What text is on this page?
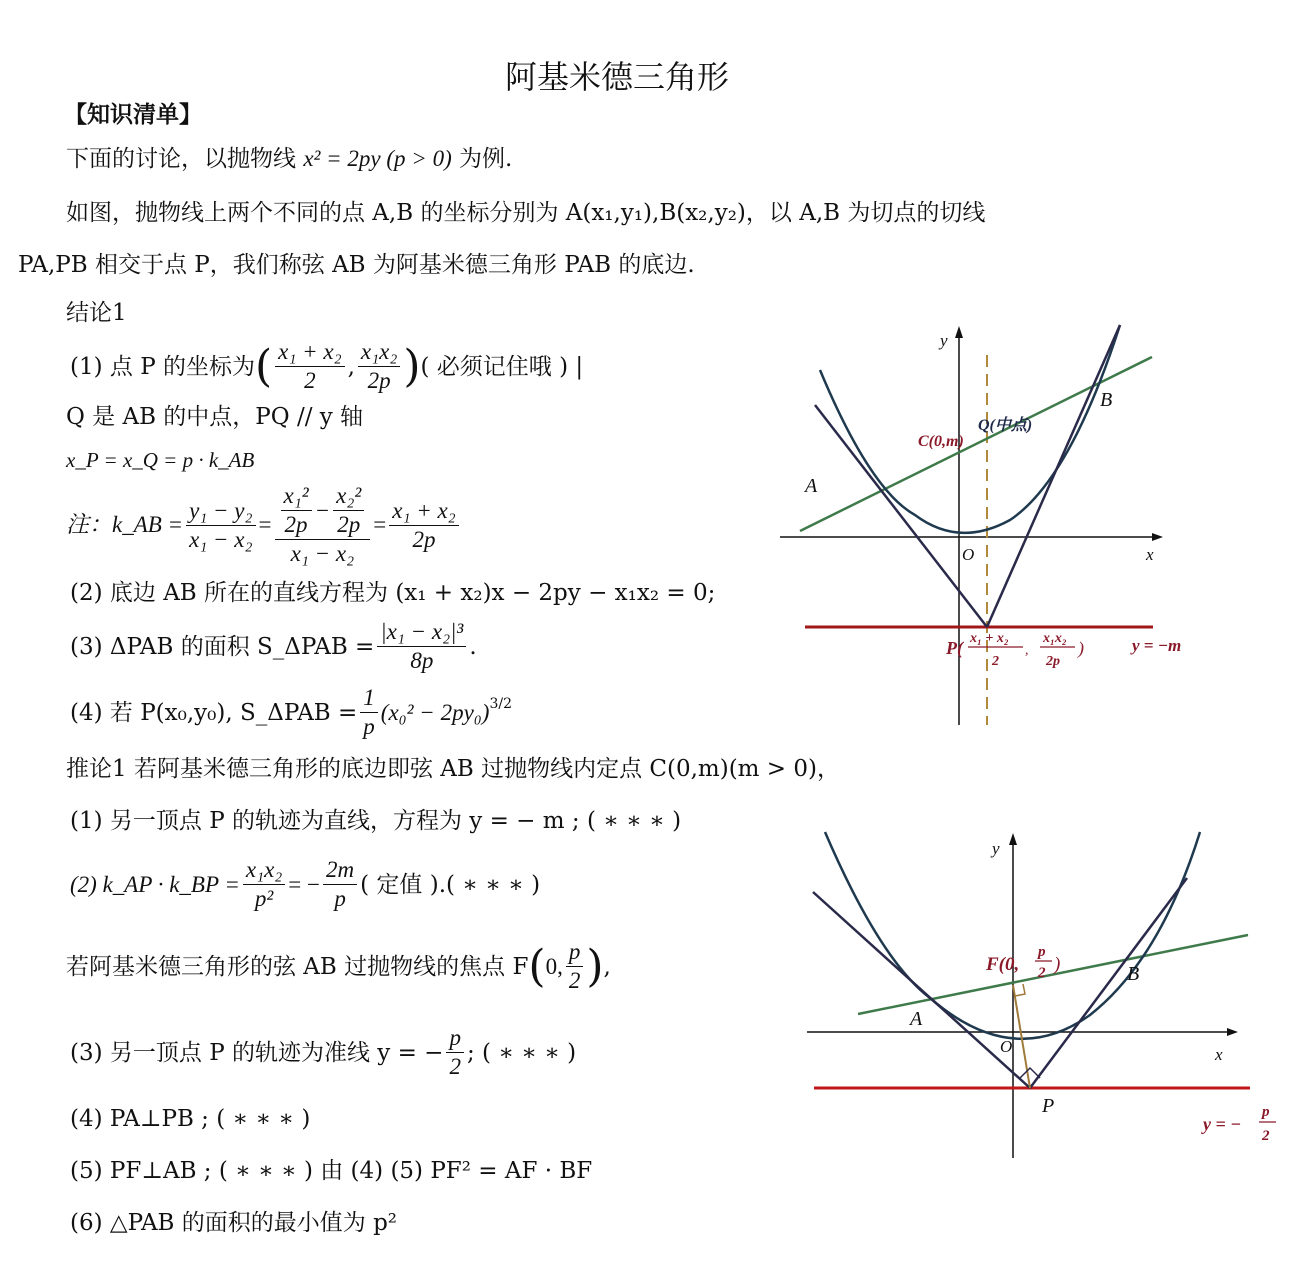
阿基米德三角形
【知识清单】
下面的讨论，以抛物线 x² = 2py (p > 0) 为例.
如图，抛物线上两个不同的点 A,B 的坐标分别为 A(x₁,y₁),B(x₂,y₂)，以 A,B 为切点的切线
PA,PB 相交于点 P，我们称弦 AB 为阿基米德三角形 PAB 的底边.
结论1
(1) 点 P 的坐标为 ( $\frac{\text{x₁ + x₂}}{2}$ , $\frac{\text{x₁x₂}}{2p}$ ) ( 必须记住哦 ) |
Q 是 AB 的中点，PQ // y 轴
x_P = x_Q = p · k_AB
注：k_AB = $\frac{\text{y₁ − y₂}}{\text{x₁ − x₂}} = \frac{\frac{\text{x₁²}}{2p} - \frac{\text{x₂²}}{2p}}{\text{x₁ − x₂}} = \frac{\text{x₁ + x₂}}{2p}$
(2) 底边 AB 所在的直线方程为 (x₁ + x₂)x − 2py − x₁x₂ = 0;
(3) ΔPAB 的面积 S_ΔPAB = $\frac{\text{|x₁ − x₂|³}}{8p}$ .
(4) 若 P(x₀,y₀), S_ΔPAB = $\frac{1}{p} (x_0^2 - 2py_0)^{3/2}$
推论1 若阿基米德三角形的底边即弦 AB 过抛物线内定点 C(0,m)(m > 0)，
(1) 另一顶点 P 的轨迹为直线，方程为 y = − m ; ( ∗ ∗ ∗ )
(2) k_AP · k_BP = $\frac{\text{x₁x₂}}{\text{p²}}$ = − $\frac{2m}{p}$ ( 定值 ).( ∗ ∗ ∗ )
若阿基米德三角形的弦 AB 过抛物线的焦点 F ( 0, $\frac{p}{2}$ ) ,
(3) 另一顶点 P 的轨迹为准线 y = − $\frac{p}{2}$ ; ( ∗ ∗ ∗ )
(4) PA⊥PB ; ( ∗ ∗ ∗ )
(5) PF⊥AB ; ( ∗ ∗ ∗ ) 由 (4) (5) PF² = AF · BF
(6) △PAB 的面积的最小值为 p²
A
B
y
x
O
C(0,m)
Q(中点)
P( x₁ + x₂
2
,
x₁x₂
2p
)	y = −m
A
B
y
x
O
P
F(0,
p
2 )
y = −
p
2
